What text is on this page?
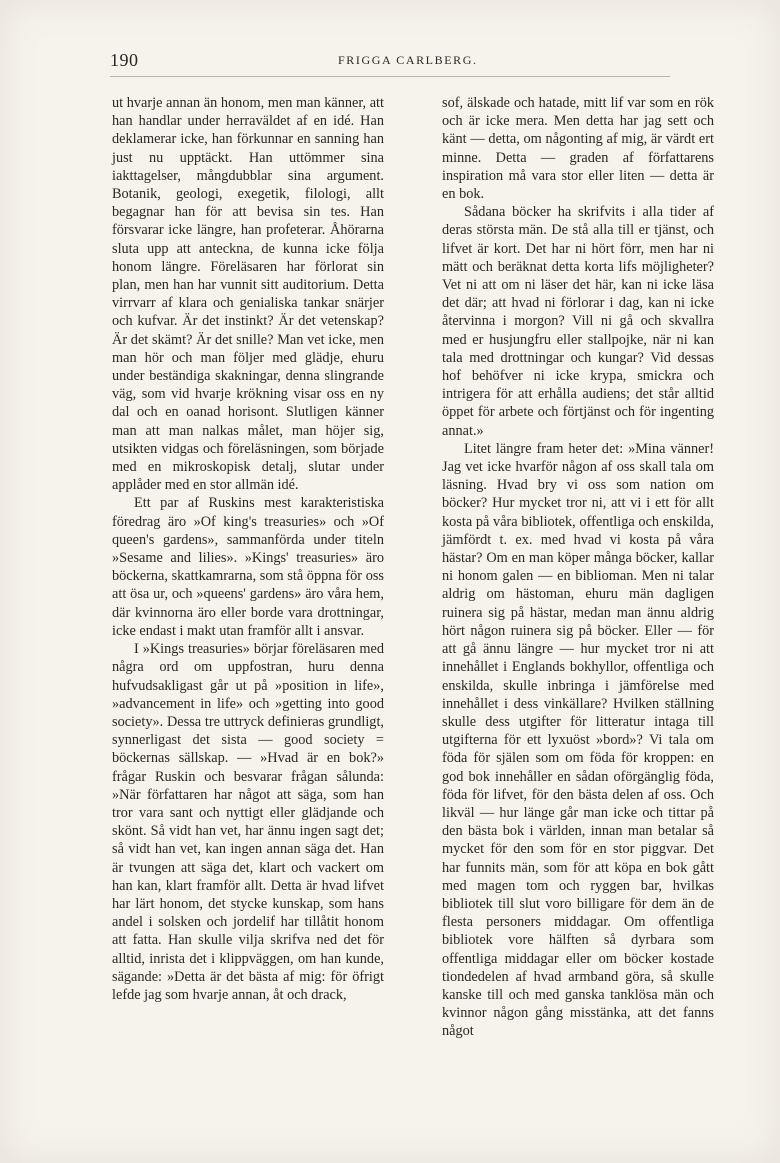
190	FRIGGA CARLBERG.

ut hvarje annan än honom, men man känner, att han handlar under herraväldet af en idé. Han deklamerar icke, han förkunnar en sanning han just nu upptäckt. Han uttömmer sina iakttagelser, mångdubblar sina argument. Botanik, geologi, exegetik, filologi, allt begagnar han för att bevisa sin tes. Han försvarar icke längre, han profeterar. Åhörarna sluta upp att anteckna, de kunna icke följa honom längre. Föreläsaren har förlorat sin plan, men han har vunnit sitt auditorium. Detta virrvarr af klara och genialiska tankar snärjer och kufvar. Är det instinkt? Är det vetenskap? Är det skämt? Är det snille? Man vet icke, men man hör och man följer med glädje, ehuru under beständiga skakningar, denna slingrande väg, som vid hvarje krökning visar oss en ny dal och en oanad horisont. Slutligen känner man att man nalkas målet, man höjer sig, utsikten vidgas och föreläsningen, som började med en mikroskopisk detalj, slutar under applåder med en stor allmän idé.

Ett par af Ruskins mest karakteristiska föredrag äro »Of king's treasuries» och »Of queen's gardens», sammanförda under titeln »Sesame and lilies». »Kings' treasuries» äro böckerna, skattkamrarna, som stå öppna för oss att ösa ur, och »queens' gardens» äro våra hem, där kvinnorna äro eller borde vara drottningar, icke endast i makt utan framför allt i ansvar.

I »Kings treasuries» börjar föreläsaren med några ord om uppfostran, huru denna hufvudsakligast går ut på »position in life», »advancement in life» och »getting into good society». Dessa tre uttryck definieras grundligt, synnerligast det sista — good society = böckernas sällskap. — »Hvad är en bok?» frågar Ruskin och besvarar frågan sålunda: »När författaren har något att säga, som han tror vara sant och nyttigt eller glädjande och skönt. Så vidt han vet, har ännu ingen sagt det; så vidt han vet, kan ingen annan säga det. Han är tvungen att säga det, klart och vackert om han kan, klart framför allt. Detta är hvad lifvet har lärt honom, det stycke kunskap, som hans andel i solsken och jordelif har tillåtit honom att fatta. Han skulle vilja skrifva ned det för alltid, inrista det i klippväggen, om han kunde, sägande: »Detta är det bästa af mig: för öfrigt lefde jag som hvarje annan, åt och drack,

sof, älskade och hatade, mitt lif var som en rök och är icke mera. Men detta har jag sett och känt — detta, om någonting af mig, är värdt ert minne. Detta — graden af författarens inspiration må vara stor eller liten — detta är en bok.

Sådana böcker ha skrifvits i alla tider af deras största män. De stå alla till er tjänst, och lifvet är kort. Det har ni hört förr, men har ni mätt och beräknat detta korta lifs möjligheter? Vet ni att om ni läser det här, kan ni icke läsa det där; att hvad ni förlorar i dag, kan ni icke återvinna i morgon? Vill ni gå och skvallra med er husjungfru eller stallpojke, när ni kan tala med drottningar och kungar? Vid dessas hof behöfver ni icke krypa, smickra och intrigera för att erhålla audiens; det står alltid öppet för arbete och förtjänst och för ingenting annat.»

Litet längre fram heter det: »Mina vänner! Jag vet icke hvarför någon af oss skall tala om läsning. Hvad bry vi oss som nation om böcker? Hur mycket tror ni, att vi i ett för allt kosta på våra bibliotek, offentliga och enskilda, jämfördt t. ex. med hvad vi kosta på våra hästar? Om en man köper många böcker, kallar ni honom galen — en biblioman. Men ni talar aldrig om hästoman, ehuru män dagligen ruinera sig på hästar, medan man ännu aldrig hört någon ruinera sig på böcker. Eller — för att gå ännu längre — hur mycket tror ni att innehållet i Englands bokhyllor, offentliga och enskilda, skulle inbringa i jämförelse med innehållet i dess vinkällare? Hvilken ställning skulle dess utgifter för litteratur intaga till utgifterna för ett lyxuöst »bord»? Vi tala om föda för själen som om föda för kroppen: en god bok innehåller en sådan oförgänglig föda, föda för lifvet, för den bästa delen af oss. Och likväl — hur länge går man icke och tittar på den bästa bok i världen, innan man betalar så mycket för den som för en stor piggvar. Det har funnits män, som för att köpa en bok gått med magen tom och ryggen bar, hvilkas bibliotek till slut voro billigare för dem än de flesta personers middagar. Om offentliga bibliotek vore hälften så dyrbara som offentliga middagar eller om böcker kostade tiondedelen af hvad armband göra, så skulle kanske till och med ganska tanklösa män och kvinnor någon gång misstänka, att det fanns något
